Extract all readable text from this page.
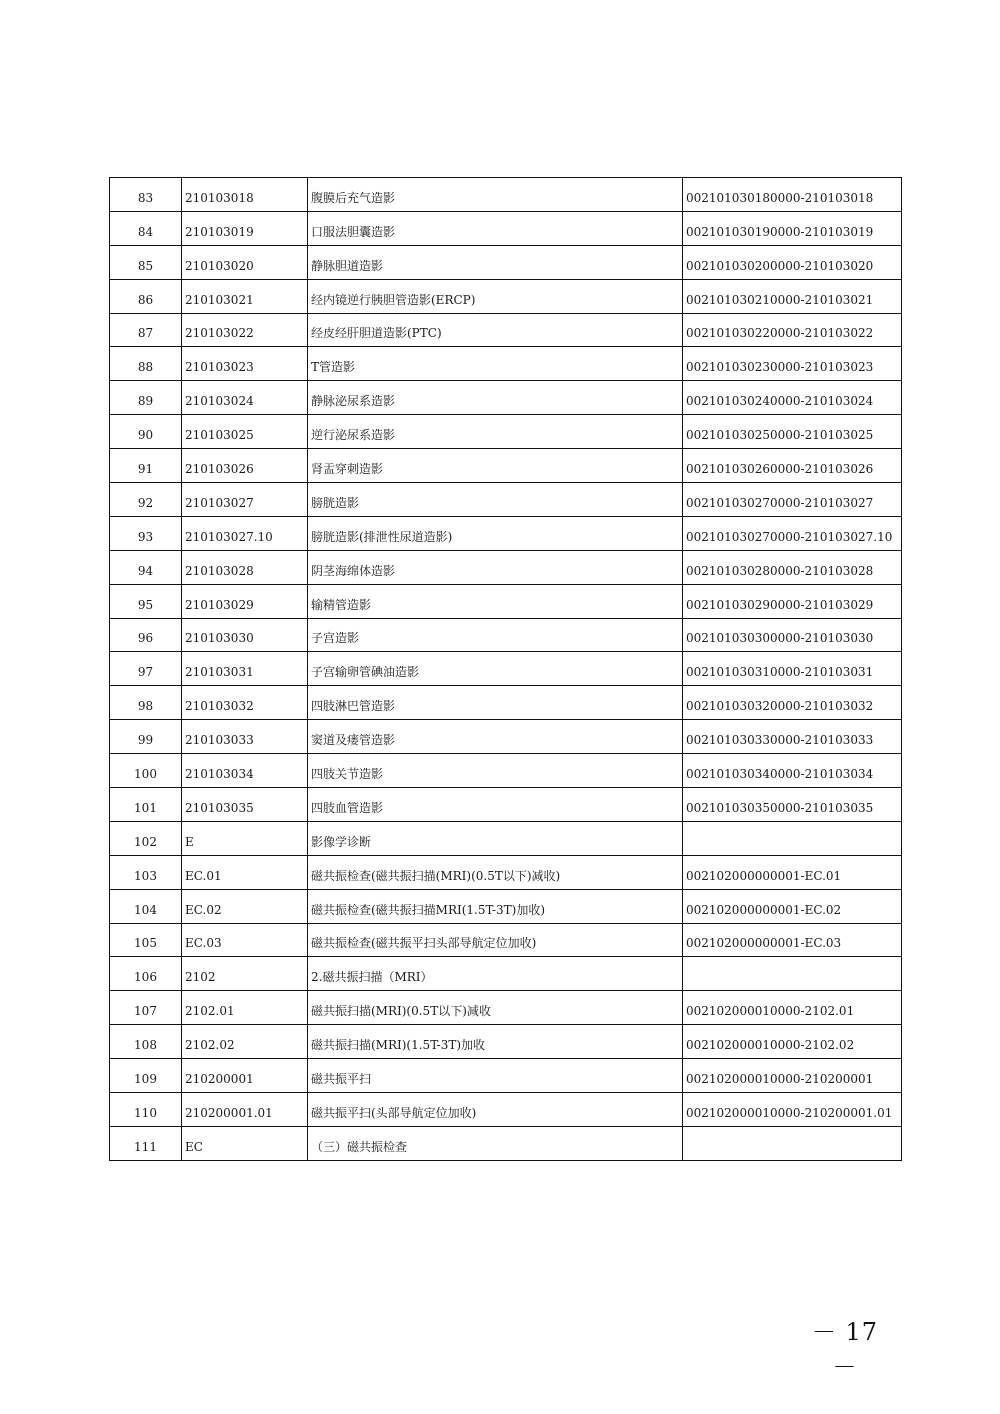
83	210103018	腹膜后充气造影	002101030180000-210103018
84	210103019	口服法胆囊造影	002101030190000-210103019
85	210103020	静脉胆道造影	002101030200000-210103020
86	210103021	经内镜逆行胰胆管造影(ERCP)	002101030210000-210103021
87	210103022	经皮经肝胆道造影(PTC)	002101030220000-210103022
88	210103023	T管造影	002101030230000-210103023
89	210103024	静脉泌尿系造影	002101030240000-210103024
90	210103025	逆行泌尿系造影	002101030250000-210103025
91	210103026	肾盂穿刺造影	002101030260000-210103026
92	210103027	膀胱造影	002101030270000-210103027
93	210103027.10	膀胱造影(排泄性尿道造影)	002101030270000-210103027.10
94	210103028	阴茎海绵体造影	002101030280000-210103028
95	210103029	输精管造影	002101030290000-210103029
96	210103030	子宫造影	002101030300000-210103030
97	210103031	子宫输卵管碘油造影	002101030310000-210103031
98	210103032	四肢淋巴管造影	002101030320000-210103032
99	210103033	窦道及瘘管造影	002101030330000-210103033
100	210103034	四肢关节造影	002101030340000-210103034
101	210103035	四肢血管造影	002101030350000-210103035
102	E	影像学诊断	
103	EC.01	磁共振检查(磁共振扫描(MRI)(0.5T以下)减收)	002102000000001-EC.01
104	EC.02	磁共振检查(磁共振扫描MRI(1.5T-3T)加收)	002102000000001-EC.02
105	EC.03	磁共振检查(磁共振平扫头部导航定位加收)	002102000000001-EC.03
106	2102	2.磁共振扫描（MRI）	
107	2102.01	磁共振扫描(MRI)(0.5T以下)减收	002102000010000-2102.01
108	2102.02	磁共振扫描(MRI)(1.5T-3T)加收	002102000010000-2102.02
109	210200001	磁共振平扫	002102000010000-210200001
110	210200001.01	磁共振平扫(头部导航定位加收)	002102000010000-210200001.01
111	EC	（三）磁共振检查	
－ 17 －
